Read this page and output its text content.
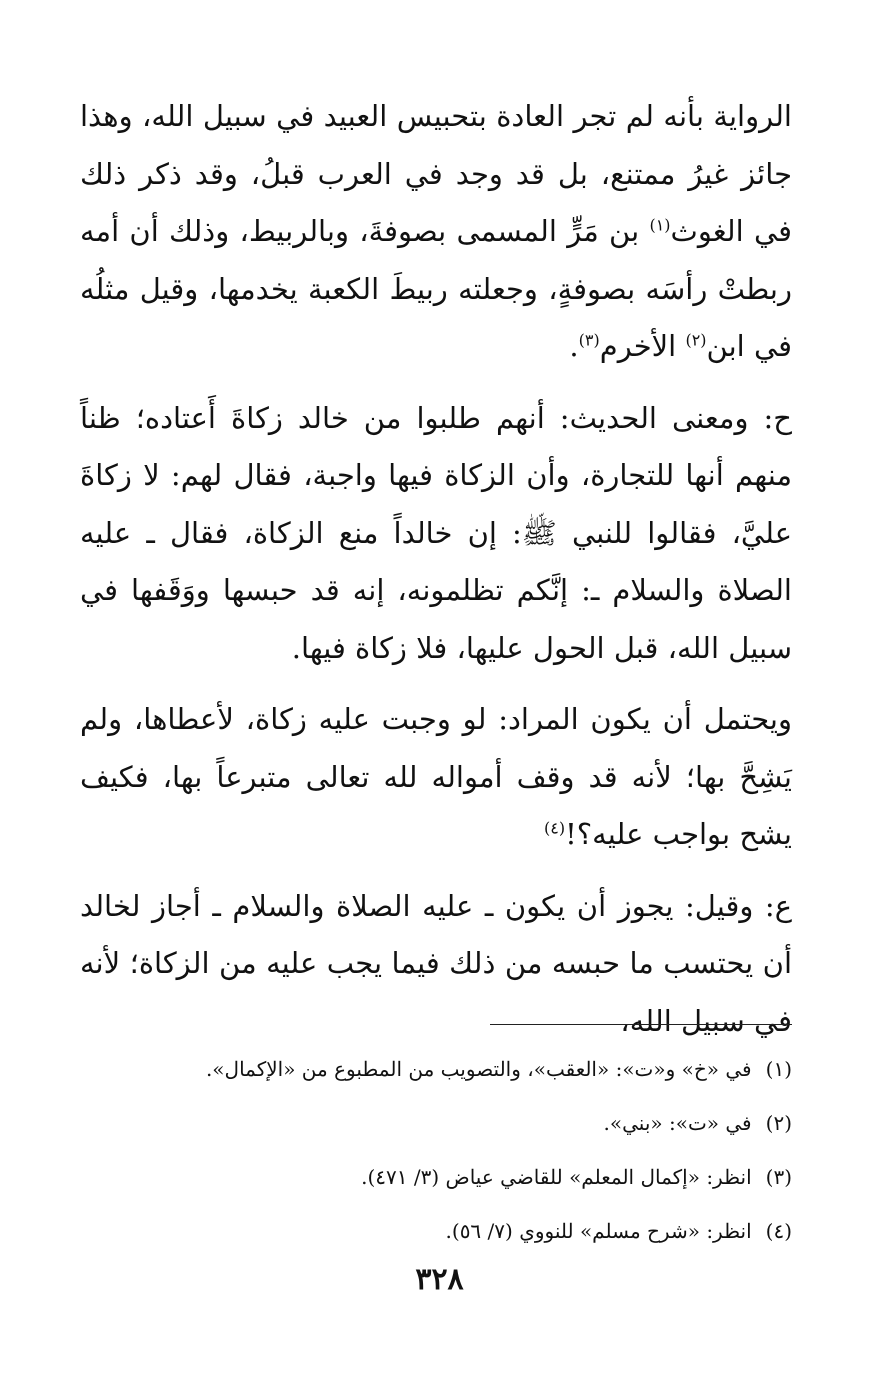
الرواية بأنه لم تجر العادة بتحبيس العبيد في سبيل الله، وهذا جائز غيرُ ممتنع، بل قد وجد في العرب قبلُ، وقد ذكر ذلك في الغوث$^{(١)}$ بن مَرٍّ المسمى بصوفةَ، وبالربيط، وذلك أن أمه ربطتْ رأسَه بصوفةٍ، وجعلته ربيطَ الكعبة يخدمها، وقيل مثلُه في ابن$^{(٢)}$ الأخرم$^{(٣)}$.

ح: ومعنى الحديث: أنهم طلبوا من خالد زكاةَ أَعتاده؛ ظناً منهم أنها للتجارة، وأن الزكاة فيها واجبة، فقال لهم: لا زكاةَ عليَّ، فقالوا للنبي ﷺ: إن خالداً منع الزكاة، فقال ـ عليه الصلاة والسلام ـ: إنَّكم تظلمونه، إنه قد حبسها ووَقَفها في سبيل الله، قبل الحول عليها، فلا زكاة فيها.

ويحتمل أن يكون المراد: لو وجبت عليه زكاة، لأعطاها، ولم يَشِحَّ بها؛ لأنه قد وقف أمواله لله تعالى متبرعاً بها، فكيف يشح بواجب عليه؟!$^{(٤)}$

ع: وقيل: يجوز أن يكون ـ عليه الصلاة والسلام ـ أجاز لخالد أن يحتسب ما حبسه من ذلك فيما يجب عليه من الزكاة؛ لأنه في سبيل الله،

(١)في «خ» و«ت»: «العقب»، والتصويب من المطبوع من «الإكمال».
(٢)في «ت»: «بني».
(٣)انظر: «إكمال المعلم» للقاضي عياض (٣/ ٤٧١).
(٤)انظر: «شرح مسلم» للنووي (٧/ ٥٦).
٣٢٨
